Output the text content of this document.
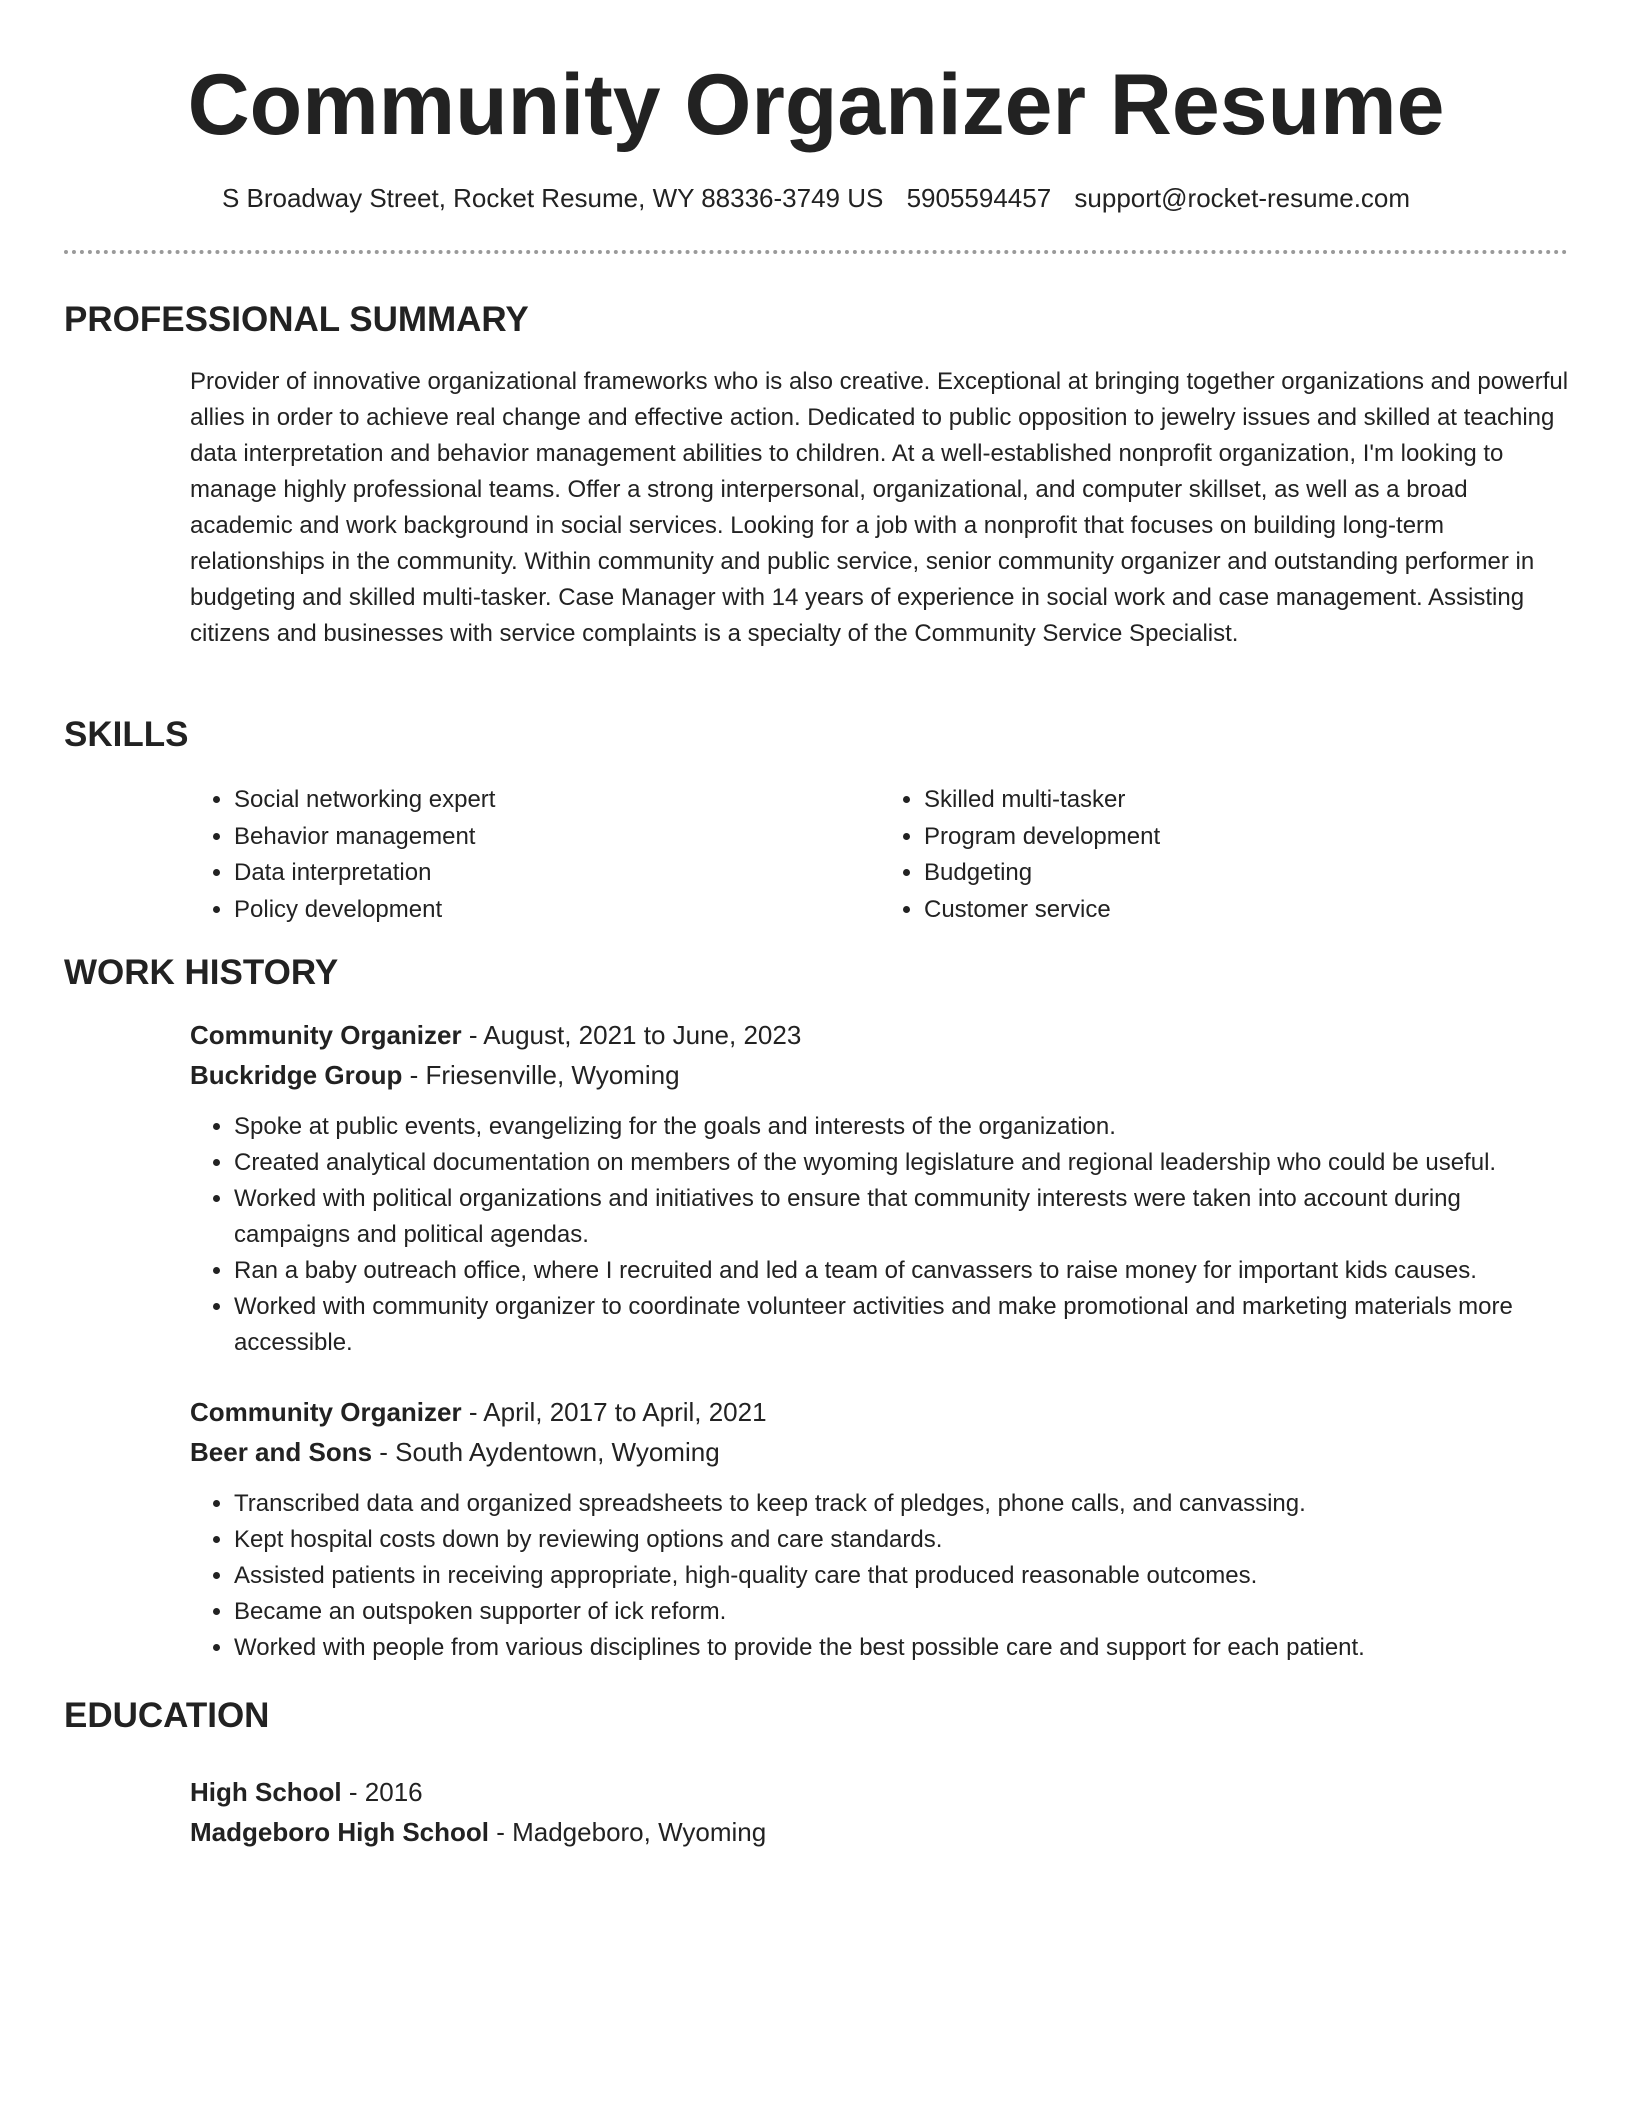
Community Organizer Resume
S Broadway Street, Rocket Resume, WY 88336-3749 US 5905594457 support@rocket-resume.com
PROFESSIONAL SUMMARY

Provider of innovative organizational frameworks who is also creative. Exceptional at bringing together organizations and powerful allies in order to achieve real change and effective action. Dedicated to public opposition to jewelry issues and skilled at teaching data interpretation and behavior management abilities to children. At a well-established nonprofit organization, I'm looking to manage highly professional teams. Offer a strong interpersonal, organizational, and computer skillset, as well as a broad academic and work background in social services. Looking for a job with a nonprofit that focuses on building long-term relationships in the community. Within community and public service, senior community organizer and outstanding performer in budgeting and skilled multi-tasker. Case Manager with 14 years of experience in social work and case management. Assisting citizens and businesses with service complaints is a specialty of the Community Service Specialist.

SKILLS
• Social networking expert
• Behavior management
• Data interpretation
• Policy development
• Skilled multi-tasker
• Program development
• Budgeting
• Customer service
WORK HISTORY
Community Organizer - August, 2021 to June, 2023
Buckridge Group - Friesenville, Wyoming
• Spoke at public events, evangelizing for the goals and interests of the organization.
• Created analytical documentation on members of the wyoming legislature and regional leadership who could be useful.
• Worked with political organizations and initiatives to ensure that community interests were taken into account during campaigns and political agendas.
• Ran a baby outreach office, where I recruited and led a team of canvassers to raise money for important kids causes.
• Worked with community organizer to coordinate volunteer activities and make promotional and marketing materials more accessible.
Community Organizer - April, 2017 to April, 2021
Beer and Sons - South Aydentown, Wyoming
• Transcribed data and organized spreadsheets to keep track of pledges, phone calls, and canvassing.
• Kept hospital costs down by reviewing options and care standards.
• Assisted patients in receiving appropriate, high-quality care that produced reasonable outcomes.
• Became an outspoken supporter of ick reform.
• Worked with people from various disciplines to provide the best possible care and support for each patient.
EDUCATION
High School - 2016
Madgeboro High School - Madgeboro, Wyoming
